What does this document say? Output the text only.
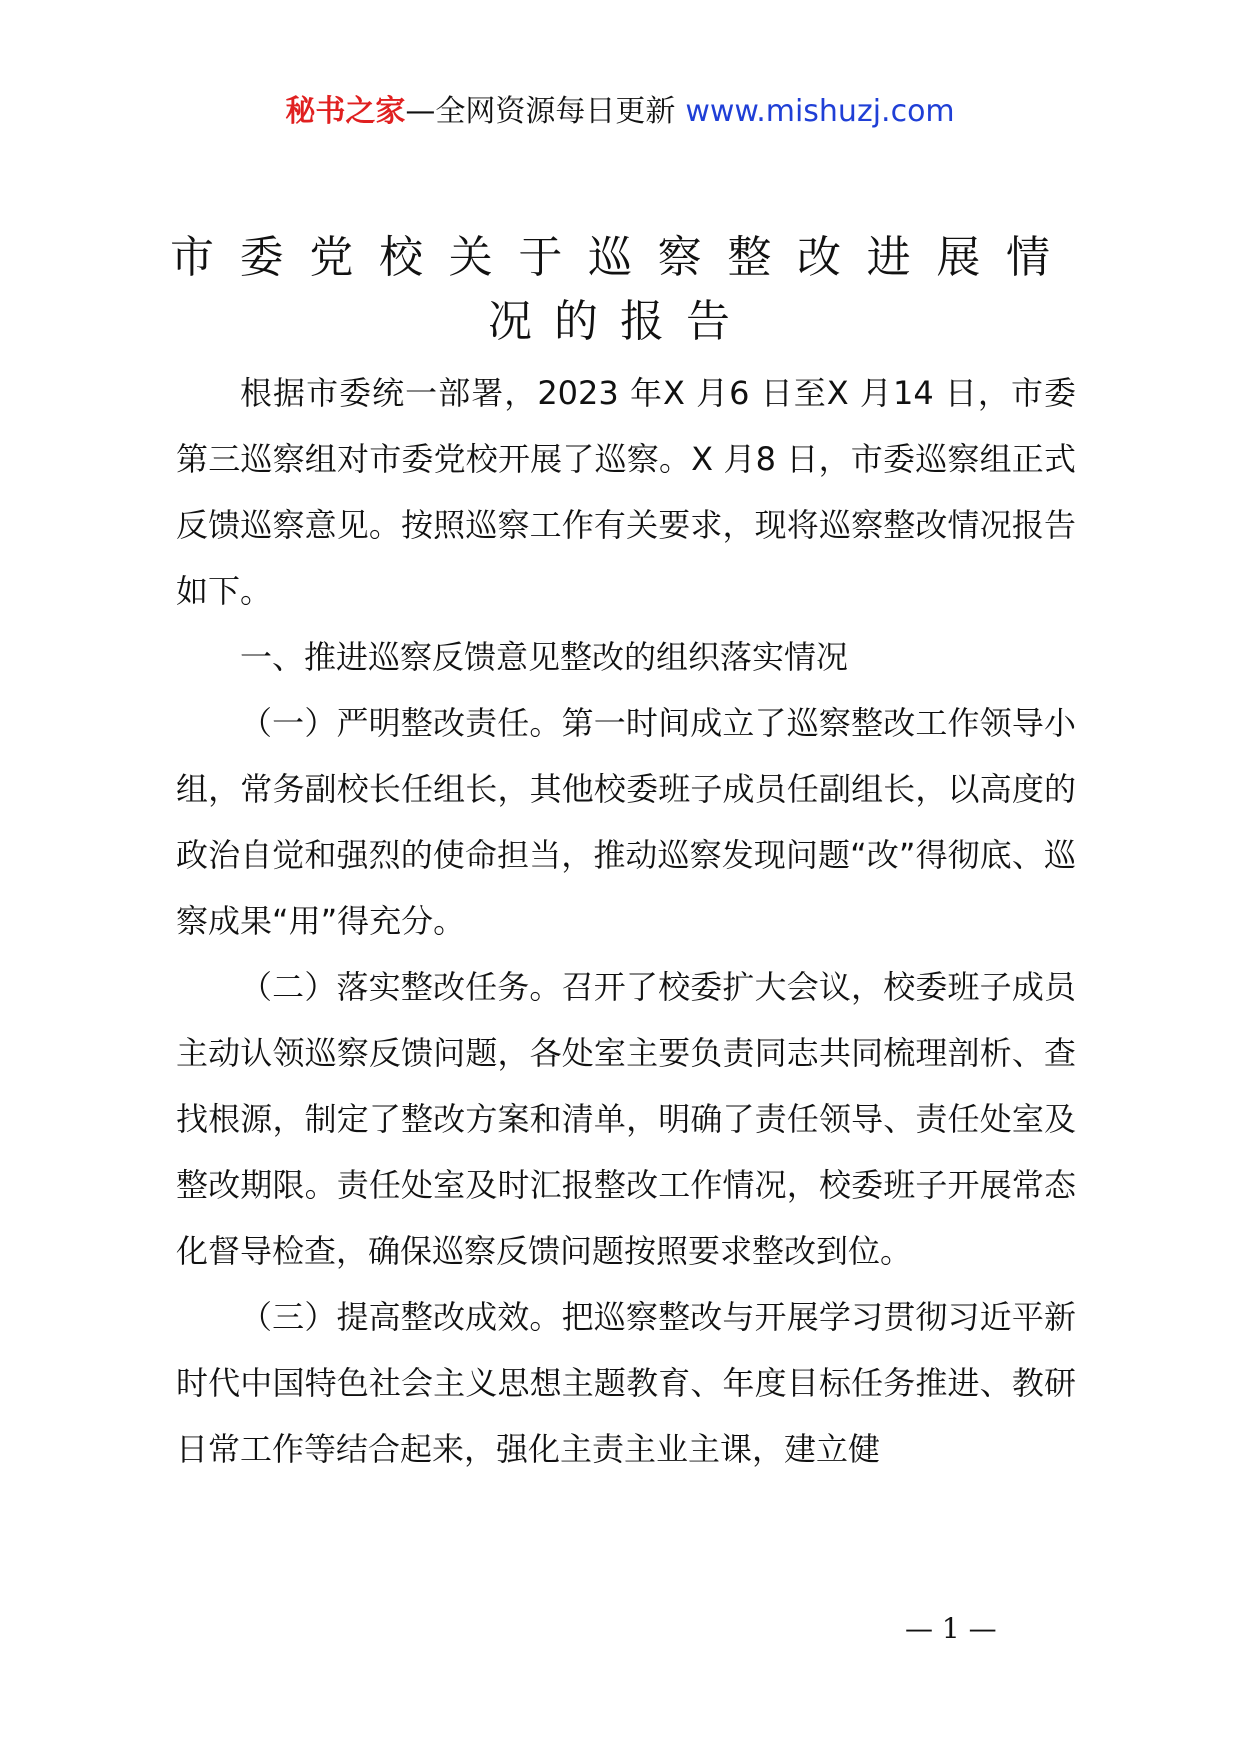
秘书之家—全网资源每日更新 www.mishuzj.com
市委党校关于巡察整改进展情
况的报告

根据市委统一部署，2023 年X 月6 日至X 月14 日，市委第三巡察组对市委党校开展了巡察。X 月8 日，市委巡察组正式反馈巡察意见。按照巡察工作有关要求，现将巡察整改情况报告如下。

一、推进巡察反馈意见整改的组织落实情况

（一）严明整改责任。第一时间成立了巡察整改工作领导小组，常务副校长任组长，其他校委班子成员任副组长，以高度的政治自觉和强烈的使命担当，推动巡察发现问题“改”得彻底、巡察成果“用”得充分。

（二）落实整改任务。召开了校委扩大会议，校委班子成员主动认领巡察反馈问题，各处室主要负责同志共同梳理剖析、查找根源，制定了整改方案和清单，明确了责任领导、责任处室及整改期限。责任处室及时汇报整改工作情况，校委班子开展常态化督导检查，确保巡察反馈问题按照要求整改到位。

（三）提高整改成效。把巡察整改与开展学习贯彻习近平新时代中国特色社会主义思想主题教育、年度目标任务推进、教研日常工作等结合起来，强化主责主业主课，建立健

— 1 —
